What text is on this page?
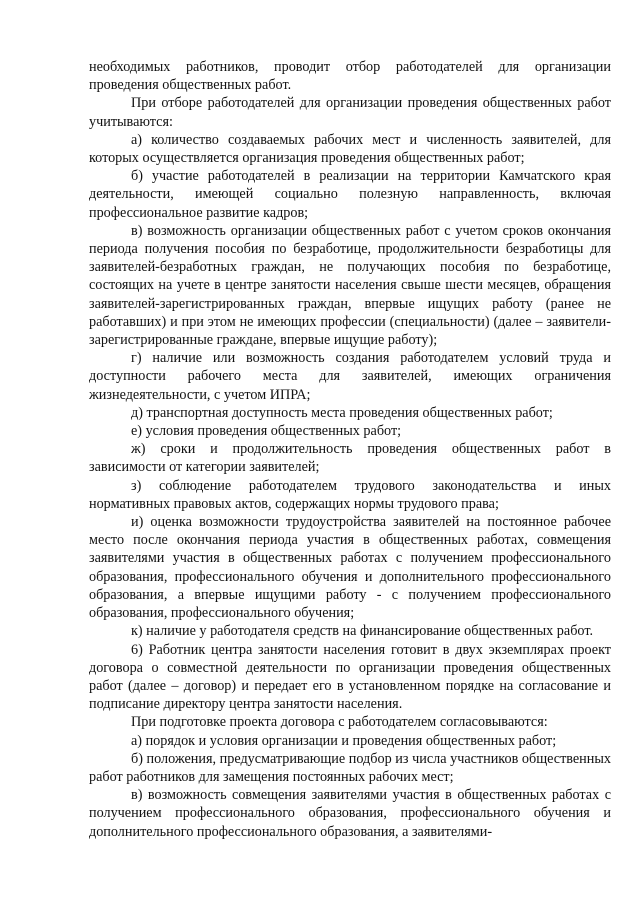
необходимых работников, проводит отбор работодателей для организации проведения общественных работ.

При отборе работодателей для организации проведения общественных работ учитываются:

а) количество создаваемых рабочих мест и численность заявителей, для которых осуществляется организация проведения общественных работ;

б) участие работодателей в реализации на территории Камчатского края деятельности, имеющей социально полезную направленность, включая профессиональное развитие кадров;

в) возможность организации общественных работ с учетом сроков окончания периода получения пособия по безработице, продолжительности безработицы для заявителей-безработных граждан, не получающих пособия по безработице, состоящих на учете в центре занятости населения свыше шести месяцев, обращения заявителей-зарегистрированных граждан, впервые ищущих работу (ранее не работавших) и при этом не имеющих профессии (специальности) (далее – заявители-зарегистрированные граждане, впервые ищущие работу);

г) наличие или возможность создания работодателем условий труда и доступности рабочего места для заявителей, имеющих ограничения жизнедеятельности, с учетом ИПРА;

д) транспортная доступность места проведения общественных работ;

е) условия проведения общественных работ;

ж) сроки и продолжительность проведения общественных работ в зависимости от категории заявителей;

з) соблюдение работодателем трудового законодательства и иных нормативных правовых актов, содержащих нормы трудового права;

и) оценка возможности трудоустройства заявителей на постоянное рабочее место после окончания периода участия в общественных работах, совмещения заявителями участия в общественных работах с получением профессионального образования, профессионального обучения и дополнительного профессионального образования, а впервые ищущими работу - с получением профессионального образования, профессионального обучения;

к) наличие у работодателя средств на финансирование общественных работ.

6) Работник центра занятости населения готовит в двух экземплярах проект договора о совместной деятельности по организации проведения общественных работ (далее – договор) и передает его в установленном порядке на согласование и подписание директору центра занятости населения.

При подготовке проекта договора с работодателем согласовываются:

а) порядок и условия организации и проведения общественных работ;

б) положения, предусматривающие подбор из числа участников общественных работ работников для замещения постоянных рабочих мест;

в) возможность совмещения заявителями участия в общественных работах с получением профессионального образования, профессионального обучения и дополнительного профессионального образования, а заявителями-
